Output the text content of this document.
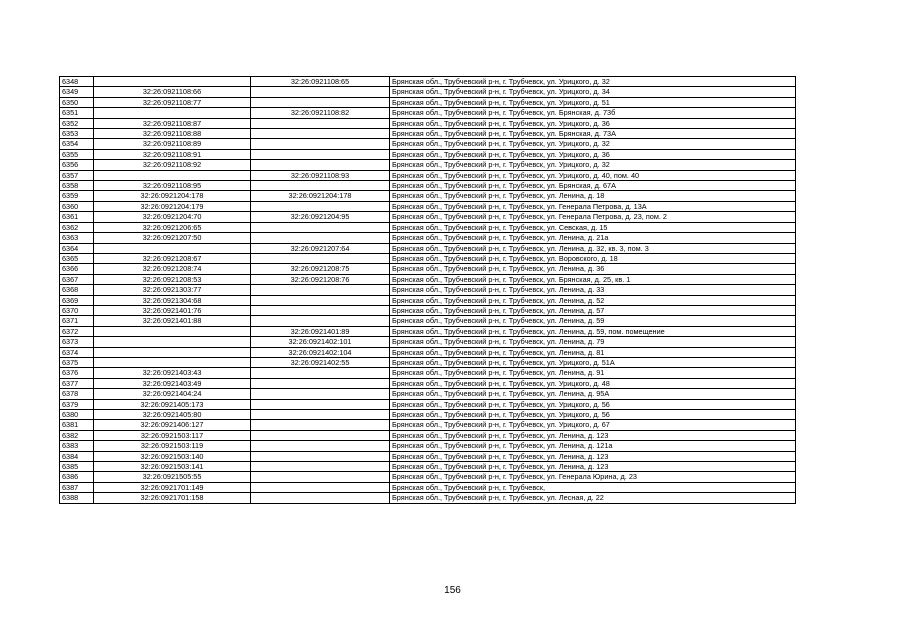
6348		32:26:0921108:65	Брянская обл., Трубчевский р-н, г. Трубчевск, ул. Урицкого, д. 32
6349	32:26:0921108:66		Брянская обл., Трубчевский р-н, г. Трубчевск, ул. Урицкого, д. 34
6350	32:26:0921108:77		Брянская обл., Трубчевский р-н, г. Трубчевск, ул. Урицкого, д. 51
6351		32:26:0921108:82	Брянская обл., Трубчевский р-н, г. Трубчевск, ул. Брянская, д. 73б
6352	32:26:0921108:87		Брянская обл., Трубчевский р-н, г. Трубчевск, ул. Урицкого, д. 36
6353	32:26:0921108:88		Брянская обл., Трубчевский р-н, г. Трубчевск, ул. Брянская, д. 73А
6354	32:26:0921108:89		Брянская обл., Трубчевский р-н, г. Трубчевск, ул. Урицкого, д. 32
6355	32:26:0921108:91		Брянская обл., Трубчевский р-н, г. Трубчевск, ул. Урицкого, д. 36
6356	32:26:0921108:92		Брянская обл., Трубчевский р-н, г. Трубчевск, ул. Урицкого, д. 32
6357		32:26:0921108:93	Брянская обл., Трубчевский р-н, г. Трубчевск, ул. Урицкого, д. 40, пом. 40
6358	32:26:0921108:95		Брянская обл., Трубчевский р-н, г. Трубчевск, ул. Брянская, д. 67А
6359	32:26:0921204:178	32:26:0921204:178	Брянская обл., Трубчевский р-н, г. Трубчевск, ул. Ленина, д. 18
6360	32:26:0921204:179		Брянская обл., Трубчевский р-н, г. Трубчевск, ул. Генерала Петрова, д. 13А
6361	32:26:0921204:70	32:26:0921204:95	Брянская обл., Трубчевский р-н, г. Трубчевск, ул. Генерала Петрова, д. 23, пом. 2
6362	32:26:0921206:65		Брянская обл., Трубчевский р-н, г. Трубчевск, ул. Севская, д. 15
6363	32:26:0921207:50		Брянская обл., Трубчевский р-н, г. Трубчевск, ул. Ленина, д. 21а
6364		32:26:0921207:64	Брянская обл., Трубчевский р-н, г. Трубчевск, ул. Ленина, д. 32, кв. 3, пом. 3
6365	32:26:0921208:67		Брянская обл., Трубчевский р-н, г. Трубчевск, ул. Воровского, д. 18
6366	32:26:0921208:74	32:26:0921208:75	Брянская обл., Трубчевский р-н, г. Трубчевск, ул. Ленина, д. 36
6367	32:26:0921208:53	32:26:0921208:76	Брянская обл., Трубчевский р-н, г. Трубчевск, ул. Брянская, д. 25, кв. 1
6368	32:26:0921303:77		Брянская обл., Трубчевский р-н, г. Трубчевск, ул. Ленина, д. 33
6369	32:26:0921304:68		Брянская обл., Трубчевский р-н, г. Трубчевск, ул. Ленина, д. 52
6370	32:26:0921401:76		Брянская обл., Трубчевский р-н, г. Трубчевск, ул. Ленина, д. 57
6371	32:26:0921401:88		Брянская обл., Трубчевский р-н, г. Трубчевск, ул. Ленина, д. 59
6372		32:26:0921401:89	Брянская обл., Трубчевский р-н, г. Трубчевск, ул. Ленина, д. 59, пом. помещение
6373		32:26:0921402:101	Брянская обл., Трубчевский р-н, г. Трубчевск, ул. Ленина, д. 79
6374		32:26:0921402:104	Брянская обл., Трубчевский р-н, г. Трубчевск, ул. Ленина, д. 81
6375		32:26:0921402:55	Брянская обл., Трубчевский р-н, г. Трубчевск, ул. Урицкого, д. 51А
6376	32:26:0921403:43		Брянская обл., Трубчевский р-н, г. Трубчевск, ул. Ленина, д. 91
6377	32:26:0921403:49		Брянская обл., Трубчевский р-н, г. Трубчевск, ул. Урицкого, д. 48
6378	32:26:0921404:24		Брянская обл., Трубчевский р-н, г. Трубчевск, ул. Ленина, д. 95А
6379	32:26:0921405:173		Брянская обл., Трубчевский р-н, г. Трубчевск, ул. Урицкого, д. 56
6380	32:26:0921405:80		Брянская обл., Трубчевский р-н, г. Трубчевск, ул. Урицкого, д. 56
6381	32:26:0921406:127		Брянская обл., Трубчевский р-н, г. Трубчевск, ул. Урицкого, д. 67
6382	32:26:0921503:117		Брянская обл., Трубчевский р-н, г. Трубчевск, ул. Ленина, д. 123
6383	32:26:0921503:119		Брянская обл., Трубчевский р-н, г. Трубчевск, ул. Ленина, д. 121а
6384	32:26:0921503:140		Брянская обл., Трубчевский р-н, г. Трубчевск, ул. Ленина, д. 123
6385	32:26:0921503:141		Брянская обл., Трубчевский р-н, г. Трубчевск, ул. Ленина, д. 123
6386	32:26:0921505:55		Брянская обл., Трубчевский р-н, г. Трубчевск, ул. Генерала Юрина, д. 23
6387	32:26:0921701:149		Брянская обл., Трубчевский р-н, г. Трубчевск,
6388	32:26:0921701:158		Брянская обл., Трубчевский р-н, г. Трубчевск, ул. Лесная, д. 22
156
